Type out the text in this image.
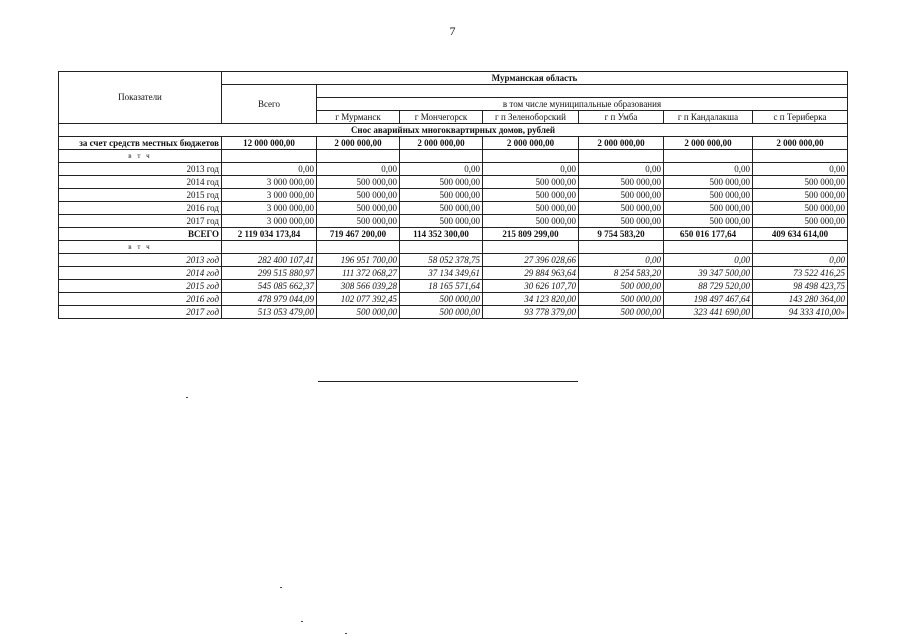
7
Показатели	Мурманская область						
	Всего						
		в том числе муниципальные образования					
		г Мурманск	г Мончегорск	г п Зеленоборский	г п Умба	г п Кандалакша	с п Териберка
Снос аварийных многоквартирных домов, рублей							
за счет средств местных бюджетов	12 000 000,00	2 000 000,00	2 000 000,00	2 000 000,00	2 000 000,00	2 000 000,00	2 000 000,00
в т ч							
2013 год	0,00	0,00	0,00	0,00	0,00	0,00	0,00
2014 год	3 000 000,00	500 000,00	500 000,00	500 000,00	500 000,00	500 000,00	500 000,00
2015 год	3 000 000,00	500 000,00	500 000,00	500 000,00	500 000,00	500 000,00	500 000,00
2016 год	3 000 000,00	500 000,00	500 000,00	500 000,00	500 000,00	500 000,00	500 000,00
2017 год	3 000 000,00	500 000,00	500 000,00	500 000,00	500 000,00	500 000,00	500 000,00
ВСЕГО	2 119 034 173,84	719 467 200,00	114 352 300,00	215 809 299,00	9 754 583,20	650 016 177,64	409 634 614,00
в т ч							
2013 год	282 400 107,41	196 951 700,00	58 052 378,75	27 396 028,66	0,00	0,00	0,00
2014 год	299 515 880,97	111 372 068,27	37 134 349,61	29 884 963,64	8 254 583,20	39 347 500,00	73 522 416,25
2015 год	545 085 662,37	308 566 039,28	18 165 571,64	30 626 107,70	500 000,00	88 729 520,00	98 498 423,75
2016 год	478 979 044,09	102 077 392,45	500 000,00	34 123 820,00	500 000,00	198 497 467,64	143 280 364,00
2017 год	513 053 479,00	500 000,00	500 000,00	93 778 379,00	500 000,00	323 441 690,00	94 333 410,00»
